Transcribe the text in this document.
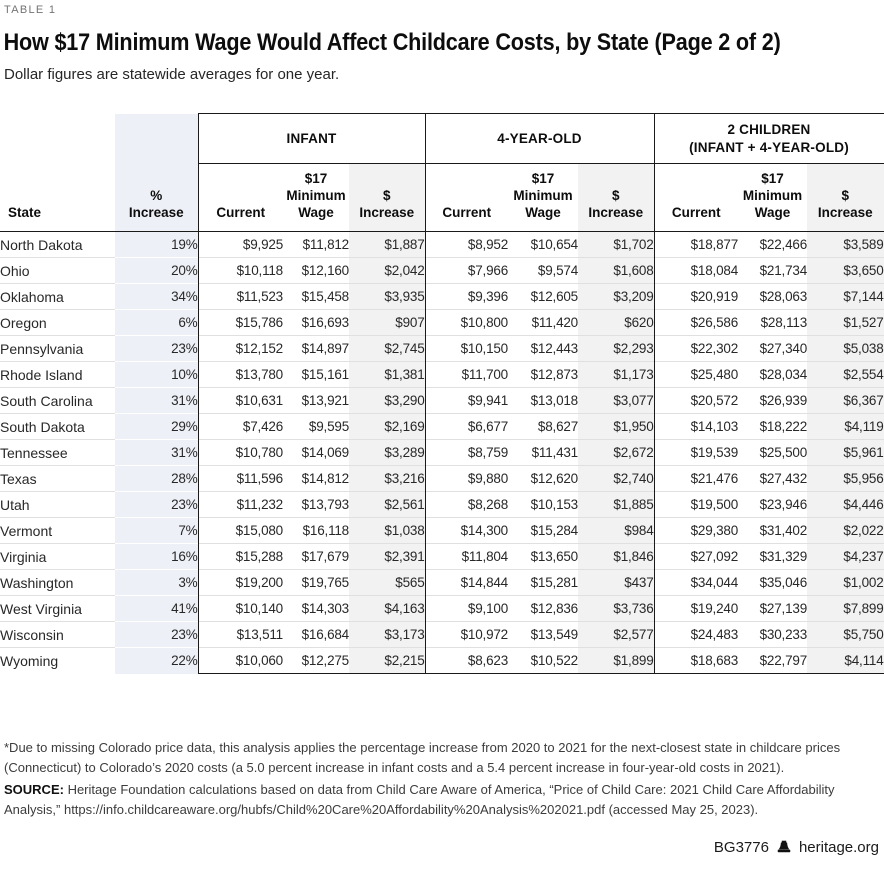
TABLE 1
How $17 Minimum Wage Would Affect Childcare Costs, by State (Page 2 of 2)

Dollar figures are statewide averages for one year.

		INFANT			4-YEAR-OLD			2 CHILDREN
(INFANT + 4-YEAR-OLD)		
State	%
Increase	Current	$17
Minimum
Wage	$
Increase	Current	$17
Minimum
Wage	$
Increase	Current	$17
Minimum
Wage	$
Increase
North Dakota	19%	$9,925	$11,812	$1,887	$8,952	$10,654	$1,702	$18,877	$22,466	$3,589
Ohio	20%	$10,118	$12,160	$2,042	$7,966	$9,574	$1,608	$18,084	$21,734	$3,650
Oklahoma	34%	$11,523	$15,458	$3,935	$9,396	$12,605	$3,209	$20,919	$28,063	$7,144
Oregon	6%	$15,786	$16,693	$907	$10,800	$11,420	$620	$26,586	$28,113	$1,527
Pennsylvania	23%	$12,152	$14,897	$2,745	$10,150	$12,443	$2,293	$22,302	$27,340	$5,038
Rhode Island	10%	$13,780	$15,161	$1,381	$11,700	$12,873	$1,173	$25,480	$28,034	$2,554
South Carolina	31%	$10,631	$13,921	$3,290	$9,941	$13,018	$3,077	$20,572	$26,939	$6,367
South Dakota	29%	$7,426	$9,595	$2,169	$6,677	$8,627	$1,950	$14,103	$18,222	$4,119
Tennessee	31%	$10,780	$14,069	$3,289	$8,759	$11,431	$2,672	$19,539	$25,500	$5,961
Texas	28%	$11,596	$14,812	$3,216	$9,880	$12,620	$2,740	$21,476	$27,432	$5,956
Utah	23%	$11,232	$13,793	$2,561	$8,268	$10,153	$1,885	$19,500	$23,946	$4,446
Vermont	7%	$15,080	$16,118	$1,038	$14,300	$15,284	$984	$29,380	$31,402	$2,022
Virginia	16%	$15,288	$17,679	$2,391	$11,804	$13,650	$1,846	$27,092	$31,329	$4,237
Washington	3%	$19,200	$19,765	$565	$14,844	$15,281	$437	$34,044	$35,046	$1,002
West Virginia	41%	$10,140	$14,303	$4,163	$9,100	$12,836	$3,736	$19,240	$27,139	$7,899
Wisconsin	23%	$13,511	$16,684	$3,173	$10,972	$13,549	$2,577	$24,483	$30,233	$5,750
Wyoming	22%	$10,060	$12,275	$2,215	$8,623	$10,522	$1,899	$18,683	$22,797	$4,114

*Due to missing Colorado price data, this analysis applies the percentage increase from 2020 to 2021 for the next-closest state in childcare prices (Connecticut) to Colorado’s 2020 costs (a 5.0 percent increase in infant costs and a 5.4 percent increase in four-year-old costs in 2021).

SOURCE: Heritage Foundation calculations based on data from Child Care Aware of America, “Price of Child Care: 2021 Child Care Affordability Analysis,” https://info.childcareaware.org/hubfs/Child%20Care%20Affordability%20Analysis%202021.pdf (accessed May 25, 2023).

BG3776 heritage.org
